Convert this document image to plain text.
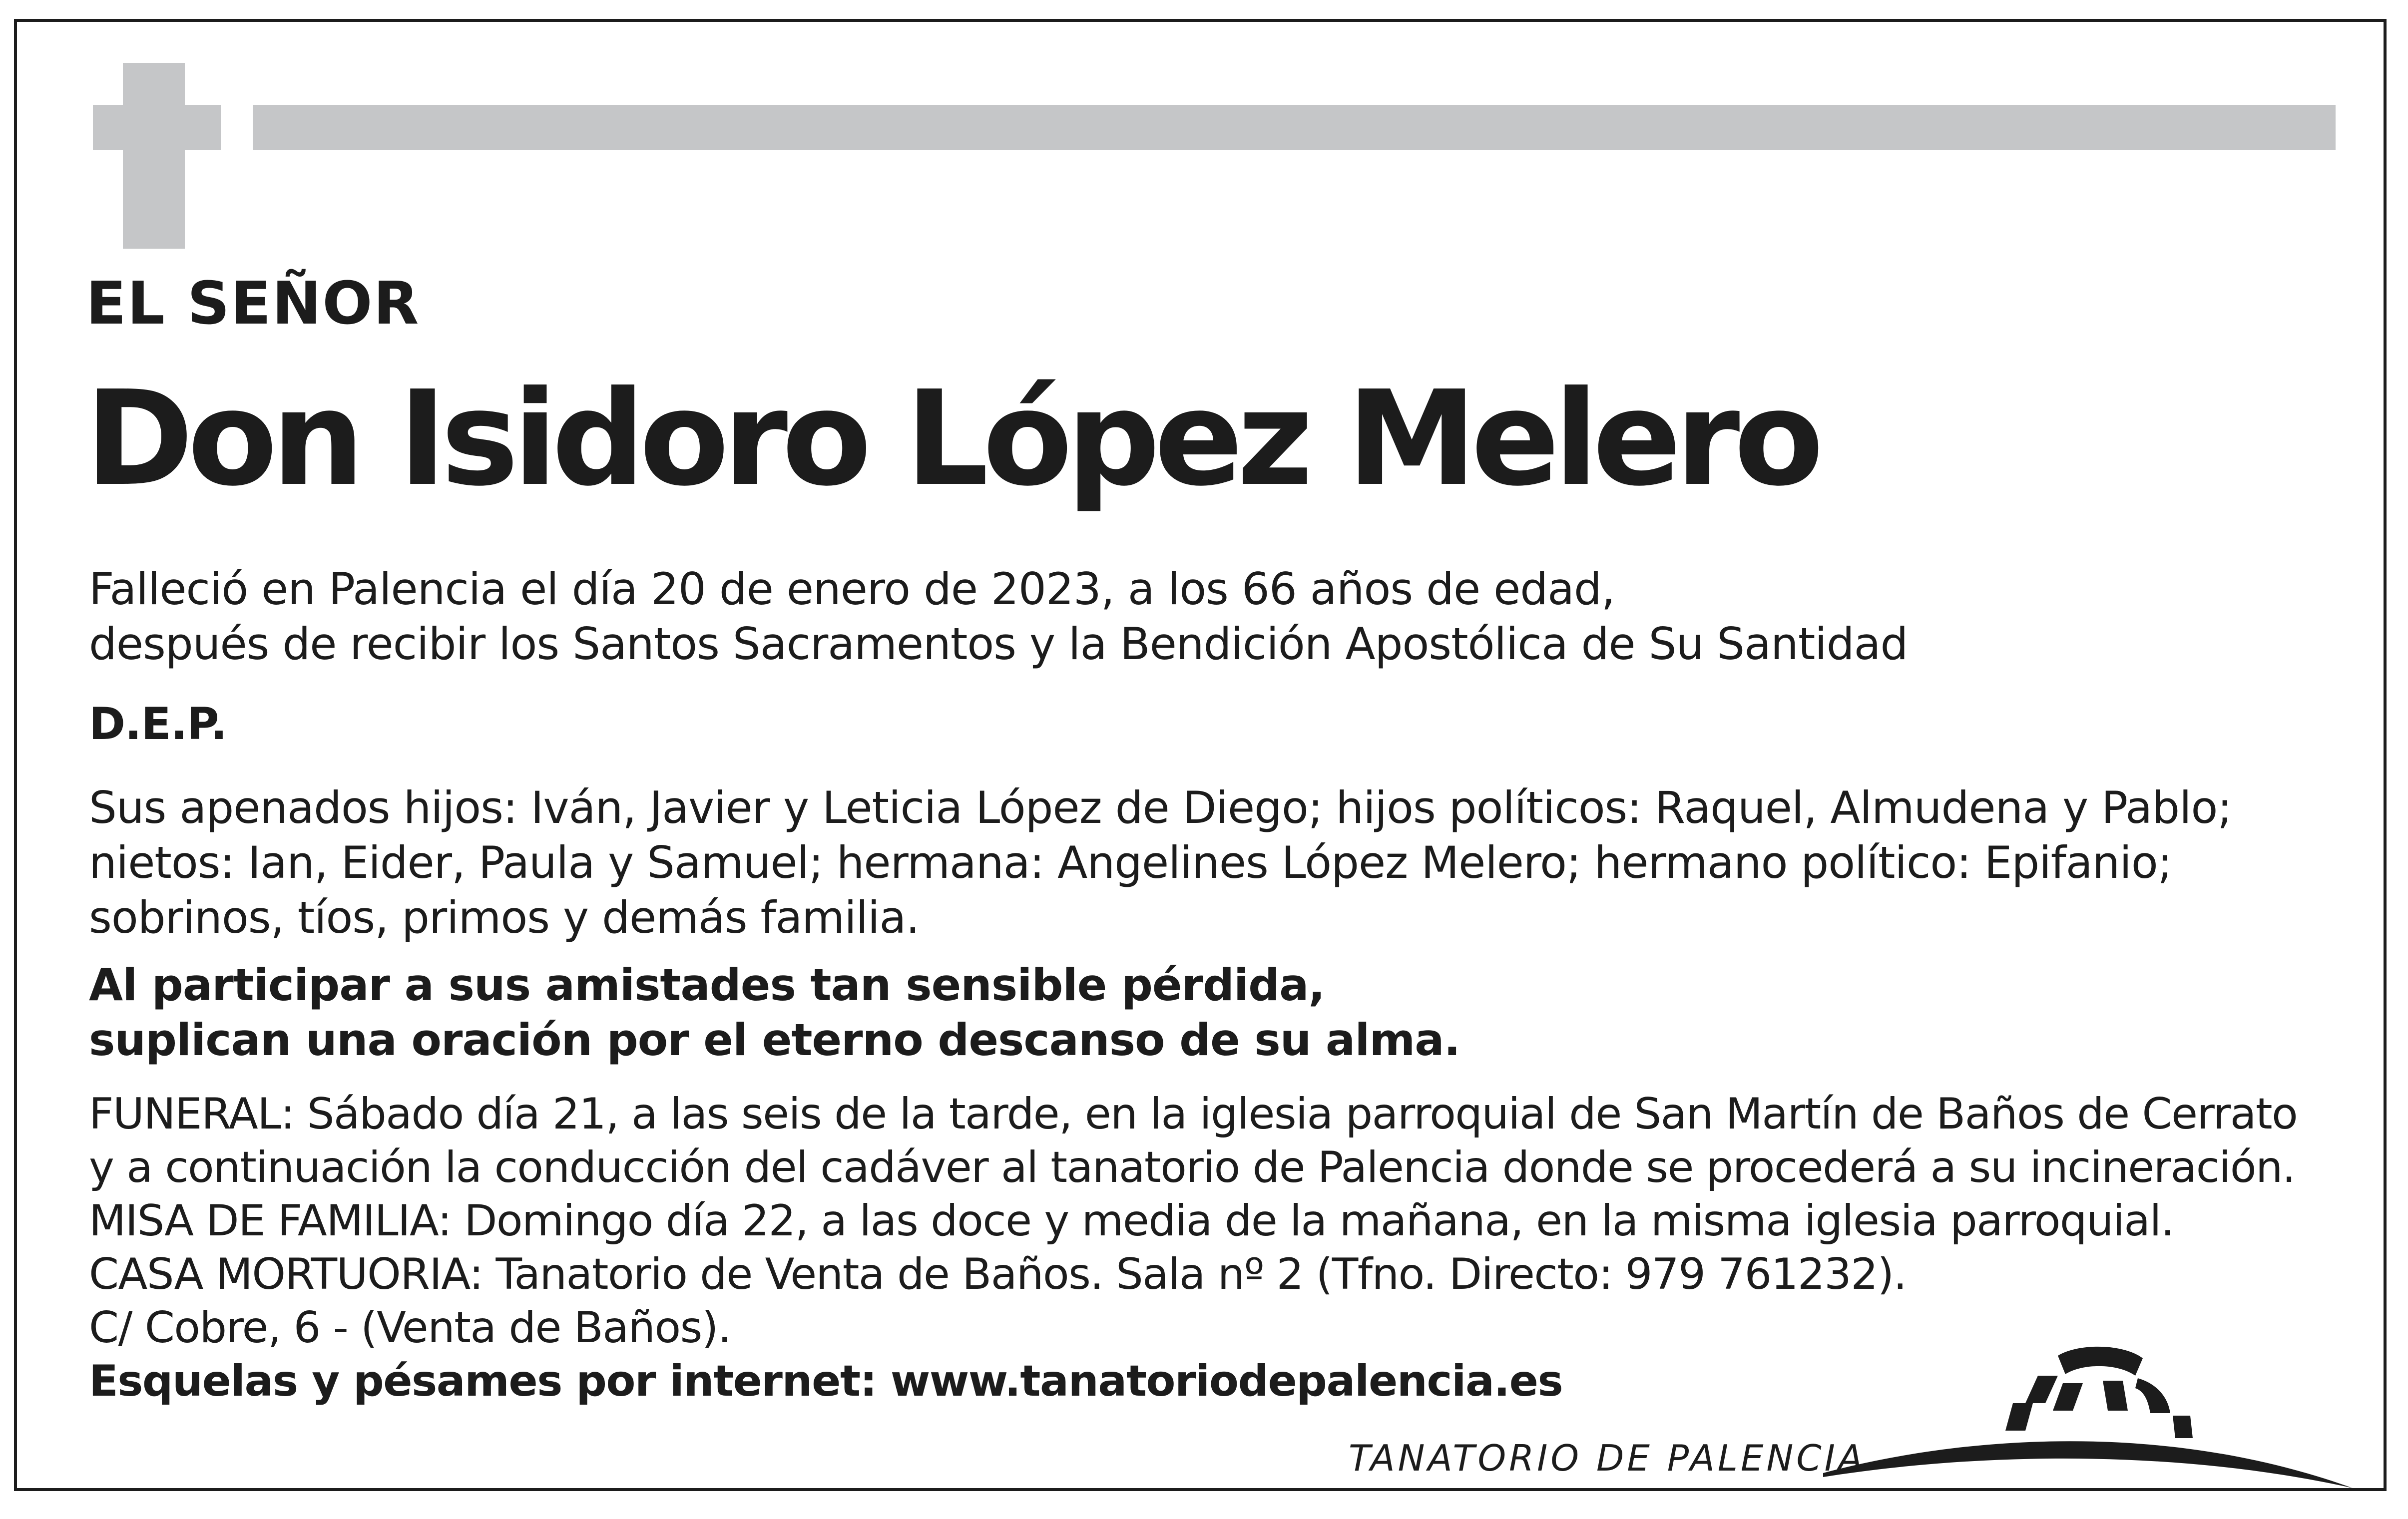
EL SEÑOR
Don Isidoro López Melero

Falleció en Palencia el día 20 de enero de 2023, a los 66 años de edad,
después de recibir los Santos Sacramentos y la Bendición Apostólica de Su Santidad

D.E.P.

Sus apenados hijos: Iván, Javier y Leticia López de Diego; hijos políticos: Raquel, Almudena y Pablo;
nietos: Ian, Eider, Paula y Samuel; hermana: Angelines López Melero; hermano político: Epifanio;
sobrinos, tíos, primos y demás familia.

Al participar a sus amistades tan sensible pérdida,
suplican una oración por el eterno descanso de su alma.

FUNERAL: Sábado día 21, a las seis de la tarde, en la iglesia parroquial de San Martín de Baños de Cerrato
y a continuación la conducción del cadáver al tanatorio de Palencia donde se procederá a su incineración.
MISA DE FAMILIA: Domingo día 22, a las doce y media de la mañana, en la misma iglesia parroquial.
CASA MORTUORIA: Tanatorio de Venta de Baños. Sala nº 2 (Tfno. Directo: 979 761232).
C/ Cobre, 6 - (Venta de Baños).
Esquelas y pésames por internet: www.tanatoriodepalencia.es

TANATORIO DE PALENCIA
